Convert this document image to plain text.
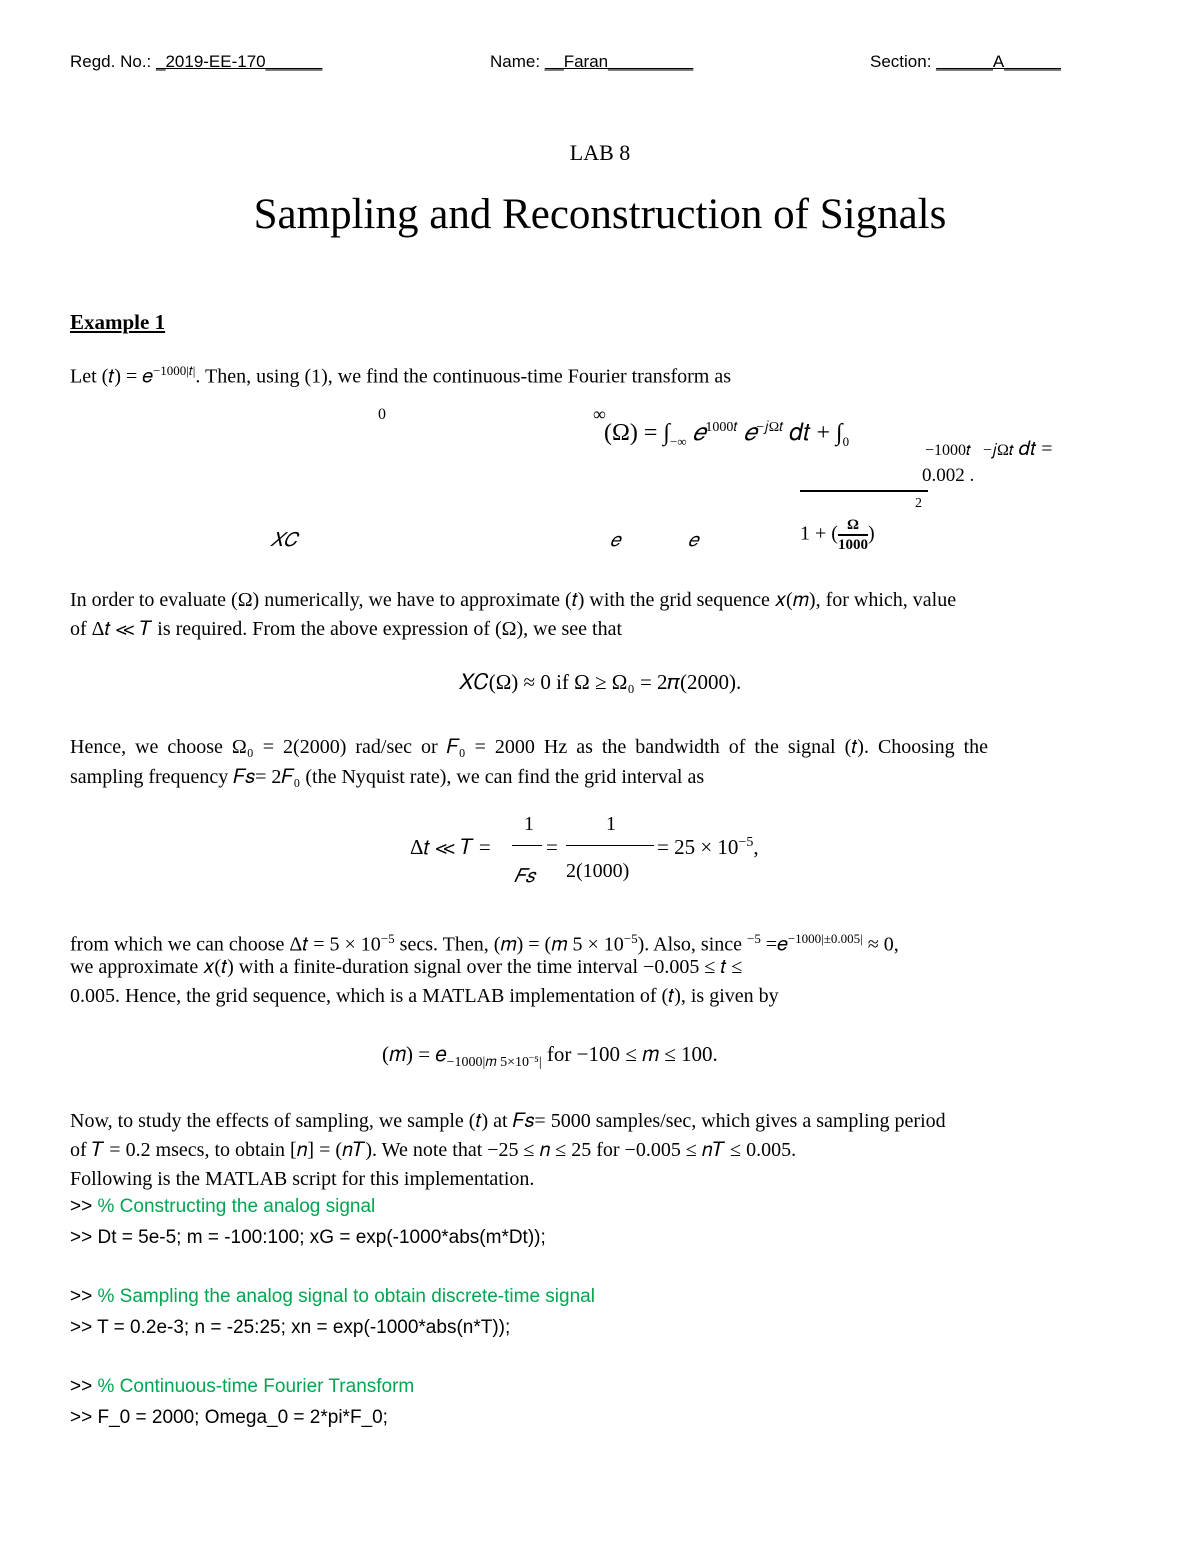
Regd. No.: _2019-EE-170______	Name: __Faran_________	Section: ______A______
LAB 8
Sampling and Reconstruction of Signals
Example 1
Let (𝑡) = 𝑒$^{-1000|𝑡|}$. Then, using (1), we find the continuous-time Fourier transform as
0	∞
$(\Omega) = \int_{-\infty}$ 𝑒$^{1000𝑡}$ 𝑒$^{-𝑗\Omega 𝑡}$ 𝑑𝑡 + $\int_0$
−1000𝑡 −𝑗Ω𝑡 𝑑𝑡 =
0.002 .
2
1 + ( $\frac{\Omega}{1000}$ )
𝑋𝐶	𝑒	𝑒
In order to evaluate (Ω) numerically, we have to approximate (𝑡) with the grid sequence 𝑥(𝑚), for which, value
of Δ𝑡 ≪ 𝑇 is required. From the above expression of (Ω), we see that
𝑋𝐶(Ω) ≈ 0 if Ω ≥ Ω₀ = 2𝜋(2000).
Hence, we choose Ω₀ = 2(2000) rad/sec or 𝐹₀ = 2000 Hz as the bandwidth of the signal (𝑡). Choosing the
sampling frequency 𝐹𝑠= 2𝐹₀ (the Nyquist rate), we can find the grid interval as
Δ𝑡 ≪ 𝑇 =
1
𝐹𝑠
=
1
2(1000)
= $25 \times 10^{-5}$,
from which we can choose Δ𝑡 = $5 \times 10^{-5}$ secs. Then, (𝑚) = (𝑚 $5 \times 10^{-5}$). Also, since $^{-5}$ =𝑒$^{-1000|\pm 0.005|}$ ≈ 0,
we approximate 𝑥(𝑡) with a finite-duration signal over the time interval −0.005 ≤ 𝑡 ≤
0.005. Hence, the grid sequence, which is a MATLAB implementation of (𝑡), is given by
(𝑚) = 𝑒$_{-1000|𝑚 5\times 10^{-5}|}$ for −100 ≤ 𝑚 ≤ 100.
Now, to study the effects of sampling, we sample (𝑡) at 𝐹𝑠= 5000 samples/sec, which gives a sampling period
of 𝑇 = 0.2 msecs, to obtain [𝑛] = (𝑛𝑇). We note that −25 ≤ 𝑛 ≤ 25 for −0.005 ≤ 𝑛𝑇 ≤ 0.005.
Following is the MATLAB script for this implementation.
>> % Constructing the analog signal
>> Dt = 5e-5; m = -100:100; xG = exp(-1000*abs(m*Dt));
>> % Sampling the analog signal to obtain discrete-time signal
>> T = 0.2e-3; n = -25:25; xn = exp(-1000*abs(n*T));
>> % Continuous-time Fourier Transform
>> F_0 = 2000; Omega_0 = 2*pi*F_0;
